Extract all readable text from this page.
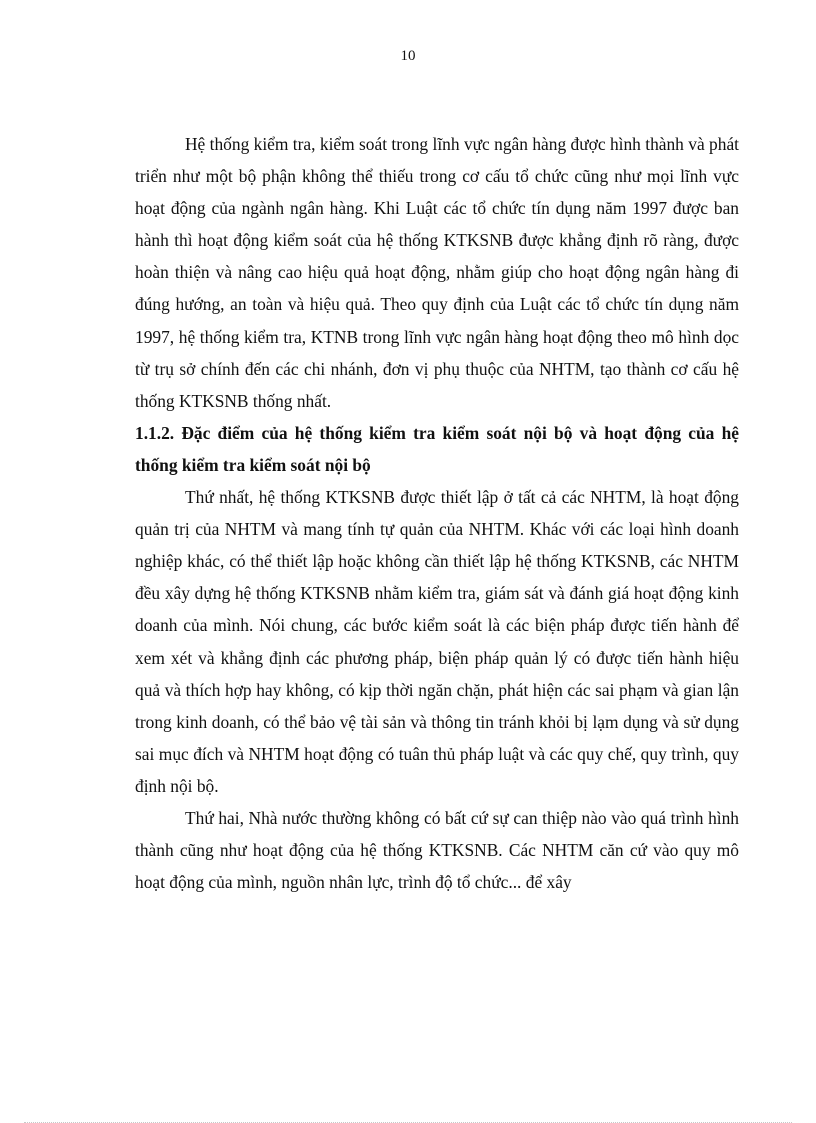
10

Hệ thống kiểm tra, kiểm soát trong lĩnh vực ngân hàng được hình thành và phát triển như một bộ phận không thể thiếu trong cơ cấu tổ chức cũng như mọi lĩnh vực hoạt động của ngành ngân hàng. Khi Luật các tổ chức tín dụng năm 1997 được ban hành thì hoạt động kiểm soát của hệ thống KTKSNB được khẳng định rõ ràng, được hoàn thiện và nâng cao hiệu quả hoạt động, nhằm giúp cho hoạt động ngân hàng đi đúng hướng, an toàn và hiệu quả. Theo quy định của Luật các tổ chức tín dụng năm 1997, hệ thống kiểm tra, KTNB trong lĩnh vực ngân hàng hoạt động theo mô hình dọc từ trụ sở chính đến các chi nhánh, đơn vị phụ thuộc của NHTM, tạo thành cơ cấu hệ thống KTKSNB thống nhất.

1.1.2. Đặc điểm của hệ thống kiểm tra kiểm soát nội bộ và hoạt động của hệ thống kiểm tra kiểm soát nội bộ

Thứ nhất, hệ thống KTKSNB được thiết lập ở tất cả các NHTM, là hoạt động quản trị của NHTM và mang tính tự quản của NHTM. Khác với các loại hình doanh nghiệp khác, có thể thiết lập hoặc không cần thiết lập hệ thống KTKSNB, các NHTM đều xây dựng hệ thống KTKSNB nhằm kiểm tra, giám sát và đánh giá hoạt động kinh doanh của mình. Nói chung, các bước kiểm soát là các biện pháp được tiến hành để xem xét và khẳng định các phương pháp, biện pháp quản lý có được tiến hành hiệu quả và thích hợp hay không, có kịp thời ngăn chặn, phát hiện các sai phạm và gian lận trong kinh doanh, có thể bảo vệ tài sản và thông tin tránh khỏi bị lạm dụng và sử dụng sai mục đích và NHTM hoạt động có tuân thủ pháp luật và các quy chế, quy trình, quy định nội bộ.

Thứ hai, Nhà nước thường không có bất cứ sự can thiệp nào vào quá trình hình thành cũng như hoạt động của hệ thống KTKSNB. Các NHTM căn cứ vào quy mô hoạt động của mình, nguồn nhân lực, trình độ tổ chức... để xây
